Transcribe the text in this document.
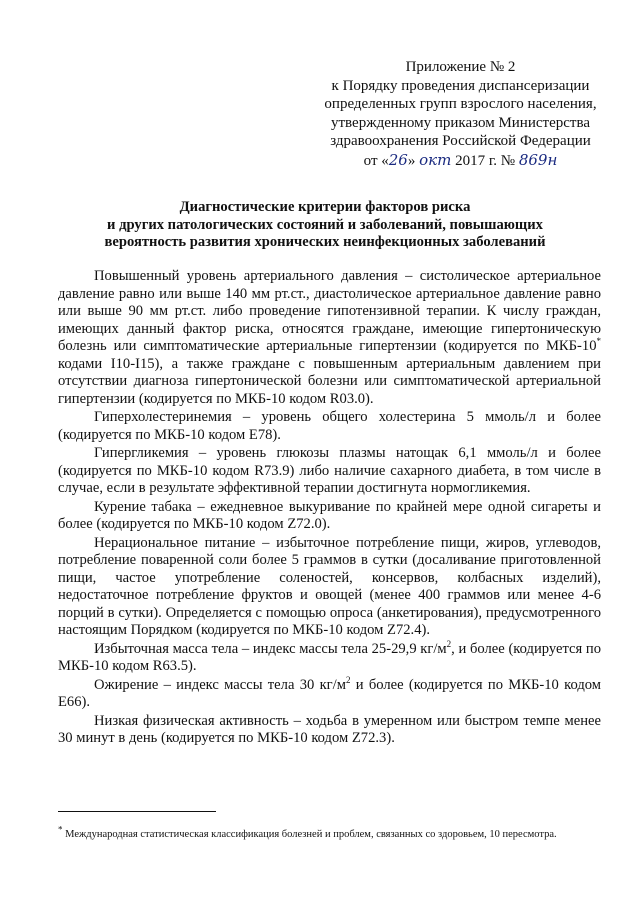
Приложение № 2
к Порядку проведения диспансеризации
определенных групп взрослого населения,
утвержденному приказом Министерства
здравоохранения Российской Федерации
от «26» окт 2017 г. № 869н
Диагностические критерии факторов риска
и других патологических состояний и заболеваний, повышающих
вероятность развития хронических неинфекционных заболеваний

Повышенный уровень артериального давления – систолическое артериальное давление равно или выше 140 мм рт.ст., диастолическое артериальное давление равно или выше 90 мм рт.ст. либо проведение гипотензивной терапии. К числу граждан, имеющих данный фактор риска, относятся граждане, имеющие гипертоническую болезнь или симптоматические артериальные гипертензии (кодируется по МКБ-10* кодами I10-I15), а также граждане с повышенным артериальным давлением при отсутствии диагноза гипертонической болезни или симптоматической артериальной гипертензии (кодируется по МКБ-10 кодом R03.0).

Гиперхолестеринемия – уровень общего холестерина 5 ммоль/л и более (кодируется по МКБ-10 кодом E78).

Гипергликемия – уровень глюкозы плазмы натощак 6,1 ммоль/л и более (кодируется по МКБ-10 кодом R73.9) либо наличие сахарного диабета, в том числе в случае, если в результате эффективной терапии достигнута нормогликемия.

Курение табака – ежедневное выкуривание по крайней мере одной сигареты и более (кодируется по МКБ-10 кодом Z72.0).

Нерациональное питание – избыточное потребление пищи, жиров, углеводов, потребление поваренной соли более 5 граммов в сутки (досаливание приготовленной пищи, частое употребление соленостей, консервов, колбасных изделий), недостаточное потребление фруктов и овощей (менее 400 граммов или менее 4-6 порций в сутки). Определяется с помощью опроса (анкетирования), предусмотренного настоящим Порядком (кодируется по МКБ-10 кодом Z72.4).

Избыточная масса тела – индекс массы тела 25-29,9 $кг/м^2$, и более (кодируется по МКБ-10 кодом R63.5).

Ожирение – индекс массы тела 30 $кг/м^2$ и более (кодируется по МКБ-10 кодом E66).

Низкая физическая активность – ходьба в умеренном или быстром темпе менее 30 минут в день (кодируется по МКБ-10 кодом Z72.3).

* Международная статистическая классификация болезней и проблем, связанных со здоровьем, 10 пересмотра.
